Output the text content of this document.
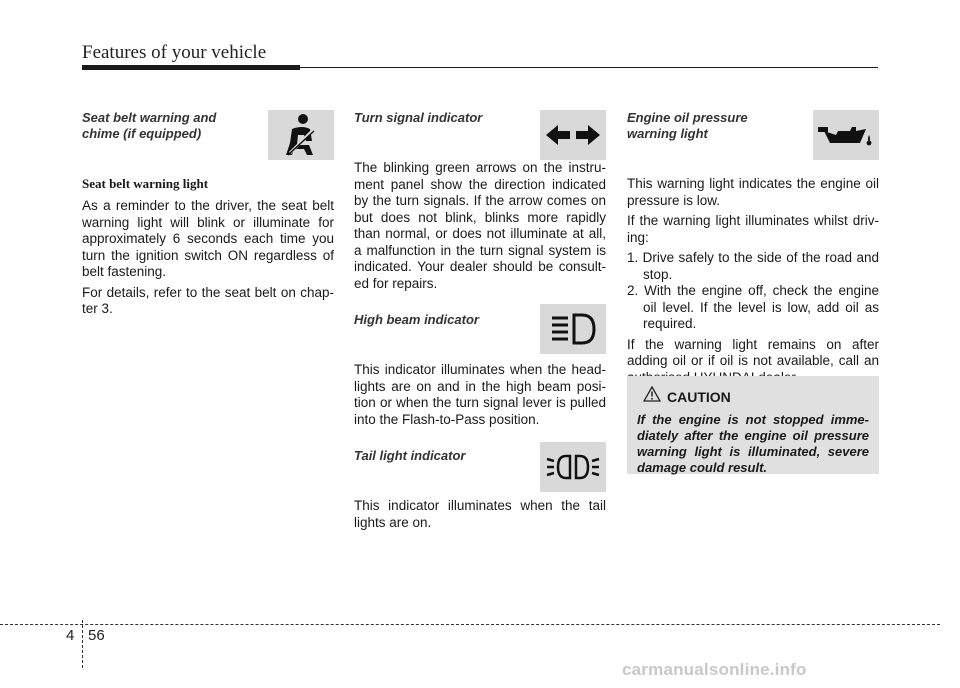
Features of your vehicle
Seat belt warning and chime (if equipped)
Seat belt warning light

As a reminder to the driver, the seat belt warning light will blink or illuminate for approximately 6 seconds each time you turn the ignition switch ON regardless of belt fastening.

For details, refer to the seat belt on chap-ter 3.

Turn signal indicator

The blinking green arrows on the instru-ment panel show the direction indicated by the turn signals. If the arrow comes on but does not blink, blinks more rapidly than normal, or does not illuminate at all, a malfunction in the turn signal system is indicated. Your dealer should be consult-ed for repairs.

High beam indicator

This indicator illuminates when the head-lights are on and in the high beam posi-tion or when the turn signal lever is pulled into the Flash-to-Pass position.

Tail light indicator

This indicator illuminates when the tail lights are on.

Engine oil pressure warning light

This warning light indicates the engine oil pressure is low.

If the warning light illuminates whilst driv-ing:

1. Drive safely to the side of the road and stop.
2. With the engine off, check the engine oil level. If the level is low, add oil as required.

If the warning light remains on after adding oil or if oil is not available, call an

CAUTION

If the engine is not stopped imme-diately after the engine oil pressure warning light is illuminated, severe damage could result.

4 56
carmanualsonline.info
